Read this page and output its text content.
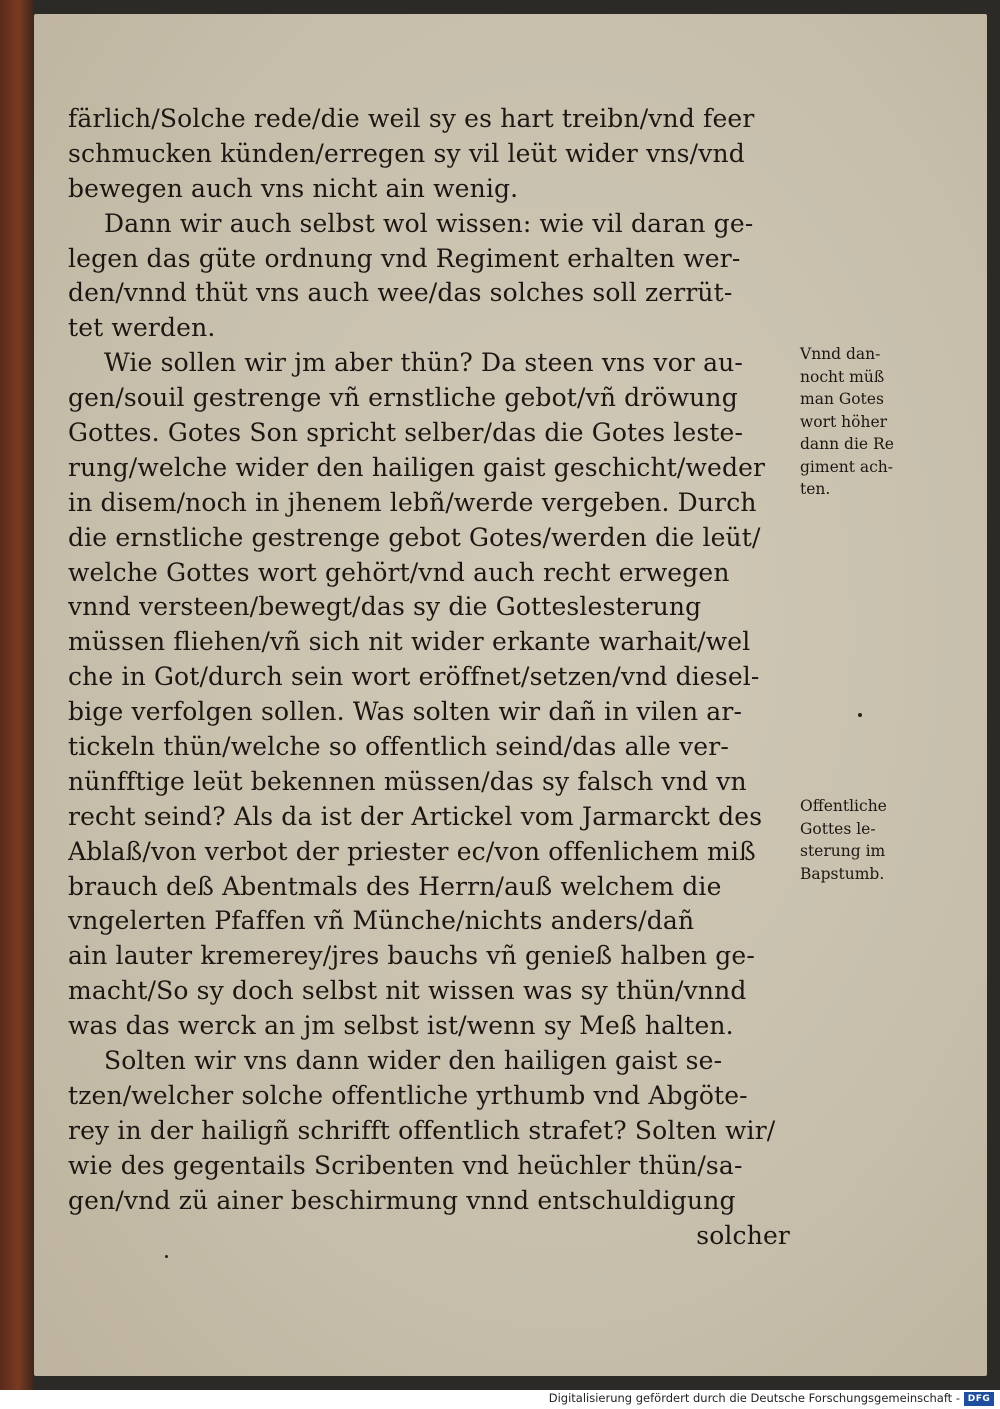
färlich/Solche rede/die weil sy es hart treibn/vnd feer
schmucken künden/erregen sy vil leüt wider vns/vnd
bewegen auch vns nicht ain wenig.
Dann wir auch selbst wol wissen: wie vil daran ge-
legen das güte ordnung vnd Regiment erhalten wer-
den/vnnd thüt vns auch wee/das solches soll zerrüt-
tet werden.
Wie sollen wir jm aber thün? Da steen vns vor au-
gen/souil gestrenge vñ ernstliche gebot/vñ dröwung
Gottes. Gotes Son spricht selber/das die Gotes leste-
rung/welche wider den hailigen gaist geschicht/weder
in disem/noch in jhenem lebñ/werde vergeben. Durch
die ernstliche gestrenge gebot Gotes/werden die leüt/
welche Gottes wort gehört/vnd auch recht erwegen
vnnd versteen/bewegt/das sy die Gotteslesterung
müssen fliehen/vñ sich nit wider erkante warhait/wel
che in Got/durch sein wort eröffnet/setzen/vnd diesel-
bige verfolgen sollen. Was solten wir dañ in vilen ar-
tickeln thün/welche so offentlich seind/das alle ver-
nünfftige leüt bekennen müssen/das sy falsch vnd vn
recht seind? Als da ist der Artickel vom Jarmarckt des
Ablaß/von verbot der priester ec/von offenlichem miß
brauch deß Abentmals des Herrn/auß welchem die
vngelerten Pfaffen vñ Münche/nichts anders/dañ
ain lauter kremerey/jres bauchs vñ genieß halben ge-
macht/So sy doch selbst nit wissen was sy thün/vnnd
was das werck an jm selbst ist/wenn sy Meß halten.
Solten wir vns dann wider den hailigen gaist se-
tzen/welcher solche offentliche yrthumb vnd Abgöte-
rey in der hailigñ schrifft offentlich strafet? Solten wir/
wie des gegentails Scribenten vnd heüchler thün/sa-
gen/vnd zü ainer beschirmung vnnd entschuldigung
solcher
Vnnd dan-
nocht müß
man Gotes
wort höher
dann die Re
giment ach-
ten.
Offentliche
Gottes le-
sterung im
Bapstumb.
Digitalisierung gefördert durch die Deutsche Forschungsgemeinschaft - DFG
